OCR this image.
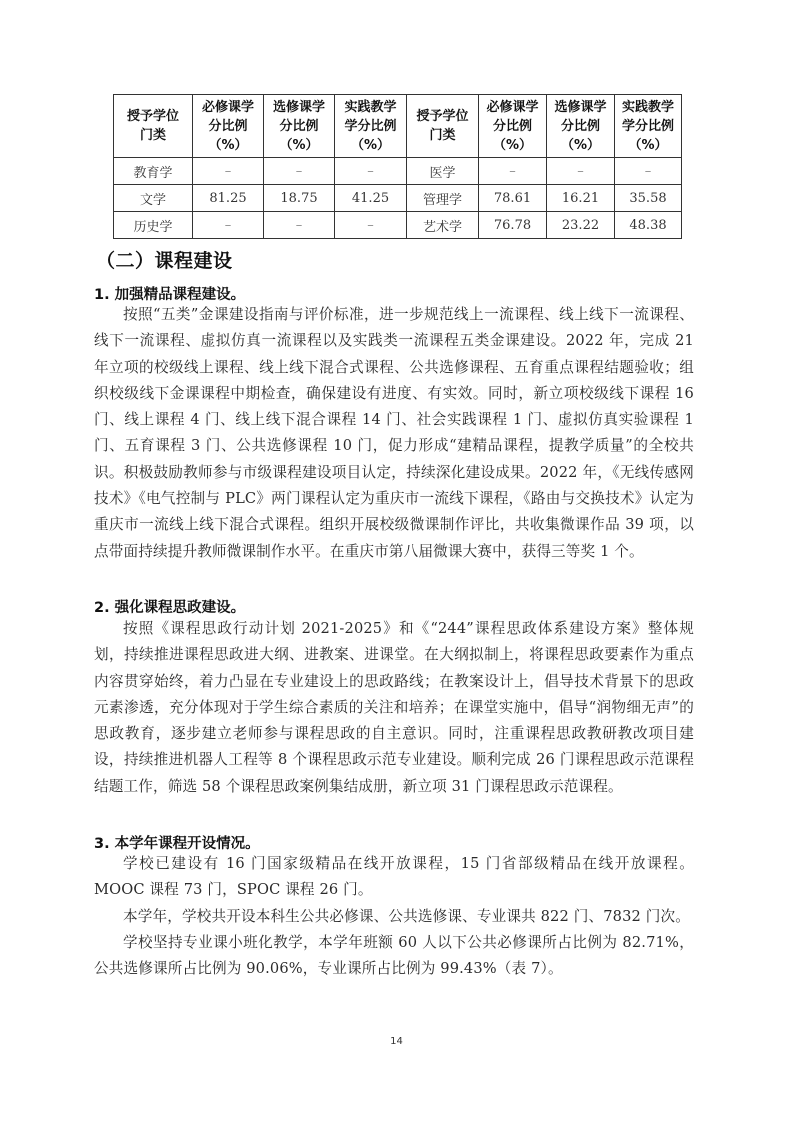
授予学位
门类	必修课学
分比例
（%）	选修课学
分比例
（%）	实践教学
学分比例
（%）	授予学位
门类	必修课学
分比例
（%）	选修课学
分比例
（%）	实践教学
学分比例
（%）

教育学	–	–	–	医学	–	–	–
文学	81.25	18.75	41.25	管理学	78.61	16.21	35.58
历史学	–	–	–	艺术学	76.78	23.22	48.38
（二）课程建设
1. 加强精品课程建设。

按照“五类”金课建设指南与评价标准，进一步规范线上一流课程、线上线下一流课程、线下一流课程、虚拟仿真一流课程以及实践类一流课程五类金课建设。2022 年，完成 21 年立项的校级线上课程、线上线下混合式课程、公共选修课程、五育重点课程结题验收；组织校级线下金课课程中期检查，确保建设有进度、有实效。同时，新立项校级线下课程 16 门、线上课程 4 门、线上线下混合课程 14 门、社会实践课程 1 门、虚拟仿真实验课程 1 门、五育课程 3 门、公共选修课程 10 门，促力形成“建精品课程，提教学质量”的全校共识。积极鼓励教师参与市级课程建设项目认定，持续深化建设成果。2022 年，《无线传感网技术》《电气控制与 PLC》两门课程认定为重庆市一流线下课程，《路由与交换技术》认定为重庆市一流线上线下混合式课程。组织开展校级微课制作评比，共收集微课作品 39 项，以点带面持续提升教师微课制作水平。在重庆市第八届微课大赛中，获得三等奖 1 个。

2. 强化课程思政建设。

按照《课程思政行动计划 2021-2025》和《“244”课程思政体系建设方案》整体规划，持续推进课程思政进大纲、进教案、进课堂。在大纲拟制上，将课程思政要素作为重点内容贯穿始终，着力凸显在专业建设上的思政路线；在教案设计上，倡导技术背景下的思政元素渗透，充分体现对于学生综合素质的关注和培养；在课堂实施中，倡导“润物细无声”的思政教育，逐步建立老师参与课程思政的自主意识。同时，注重课程思政教研教改项目建设，持续推进机器人工程等 8 个课程思政示范专业建设。顺利完成 26 门课程思政示范课程结题工作，筛选 58 个课程思政案例集结成册，新立项 31 门课程思政示范课程。

3. 本学年课程开设情况。

学校已建设有 16 门国家级精品在线开放课程，15 门省部级精品在线开放课程。MOOC 课程 73 门，SPOC 课程 26 门。

本学年，学校共开设本科生公共必修课、公共选修课、专业课共 822 门、7832 门次。

学校坚持专业课小班化教学，本学年班额 60 人以下公共必修课所占比例为 82.71%，公共选修课所占比例为 90.06%，专业课所占比例为 99.43%（表 7）。

14
